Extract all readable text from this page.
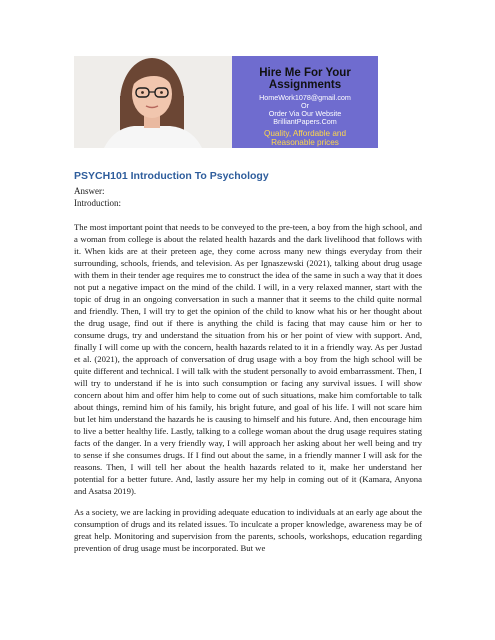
Hire Me For Your
Assignments
HomeWork1078@gmail.com
Or
Order Via Our Website
BrilliantPapers.Com
Quality, Affordable and
Reasonable prices
PSYCH101 Introduction To Psychology

Answer:

Introduction:

The most important point that needs to be conveyed to the pre-teen, a boy from the high school, and a woman from college is about the related health hazards and the dark livelihood that follows with it. When kids are at their preteen age, they come across many new things everyday from their surrounding, schools, friends, and television. As per Ignaszewski (2021), talking about drug usage with them in their tender age requires me to construct the idea of the same in such a way that it does not put a negative impact on the mind of the child. I will, in a very relaxed manner, start with the topic of drug in an ongoing conversation in such a manner that it seems to the child quite normal and friendly. Then, I will try to get the opinion of the child to know what his or her thought about the drug usage, find out if there is anything the child is facing that may cause him or her to consume drugs, try and understand the situation from his or her point of view with support. And, finally I will come up with the concern, health hazards related to it in a friendly way. As per Justad et al. (2021), the approach of conversation of drug usage with a boy from the high school will be quite different and technical. I will talk with the student personally to avoid embarrassment. Then, I will try to understand if he is into such consumption or facing any survival issues. I will show concern about him and offer him help to come out of such situations, make him comfortable to talk about things, remind him of his family, his bright future, and goal of his life. I will not scare him but let him understand the hazards he is causing to himself and his future. And, then encourage him to live a better healthy life. Lastly, talking to a college woman about the drug usage requires stating facts of the danger. In a very friendly way, I will approach her asking about her well being and try to sense if she consumes drugs. If I find out about the same, in a friendly manner I will ask for the reasons. Then, I will tell her about the health hazards related to it, make her understand her potential for a better future. And, lastly assure her my help in coming out of it (Kamara, Anyona and Asatsa 2019).

As a society, we are lacking in providing adequate education to individuals at an early age about the consumption of drugs and its related issues. To inculcate a proper knowledge, awareness may be of great help. Monitoring and supervision from the parents, schools, workshops, education regarding prevention of drug usage must be incorporated. But we
